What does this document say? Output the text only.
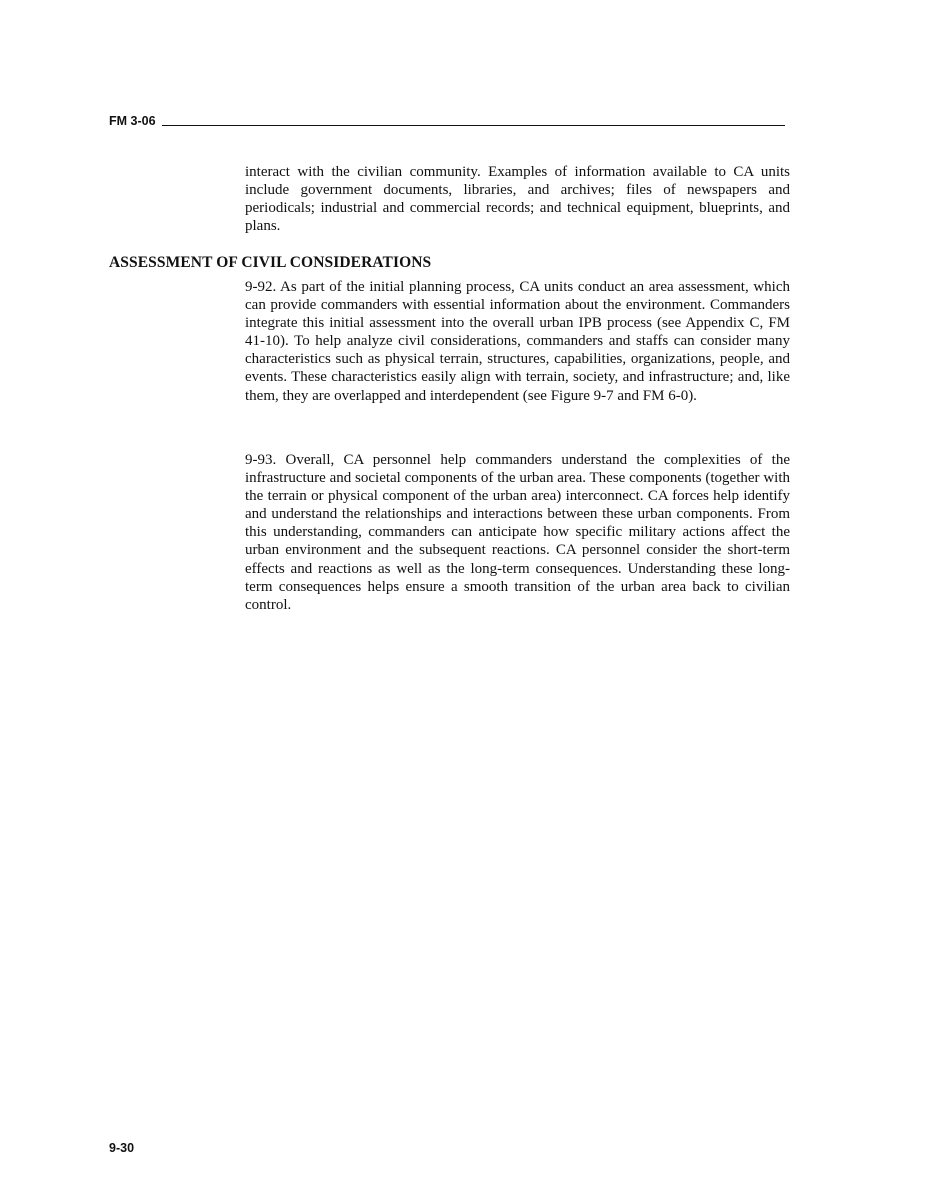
FM 3-06

interact with the civilian community. Examples of information available to CA units include government documents, libraries, and archives; files of newspapers and periodicals; industrial and commercial records; and technical equipment, blueprints, and plans.

ASSESSMENT OF CIVIL CONSIDERATIONS

9-92. As part of the initial planning process, CA units conduct an area assessment, which can provide commanders with essential information about the environment. Commanders integrate this initial assessment into the overall urban IPB process (see Appendix C, FM 41-10). To help analyze civil considerations, commanders and staffs can consider many characteristics such as physical terrain, structures, capabilities, organizations, people, and events. These characteristics easily align with terrain, society, and infrastructure; and, like them, they are overlapped and interdependent (see Figure 9-7 and FM 6-0).

9-93. Overall, CA personnel help commanders understand the complexities of the infrastructure and societal components of the urban area. These components (together with the terrain or physical component of the urban area) interconnect. CA forces help identify and understand the relationships and interactions between these urban components. From this understanding, commanders can anticipate how specific military actions affect the urban environment and the subsequent reactions. CA personnel consider the short-term effects and reactions as well as the long-term consequences. Understanding these long-term consequences helps ensure a smooth transition of the urban area back to civilian control.

9-30
